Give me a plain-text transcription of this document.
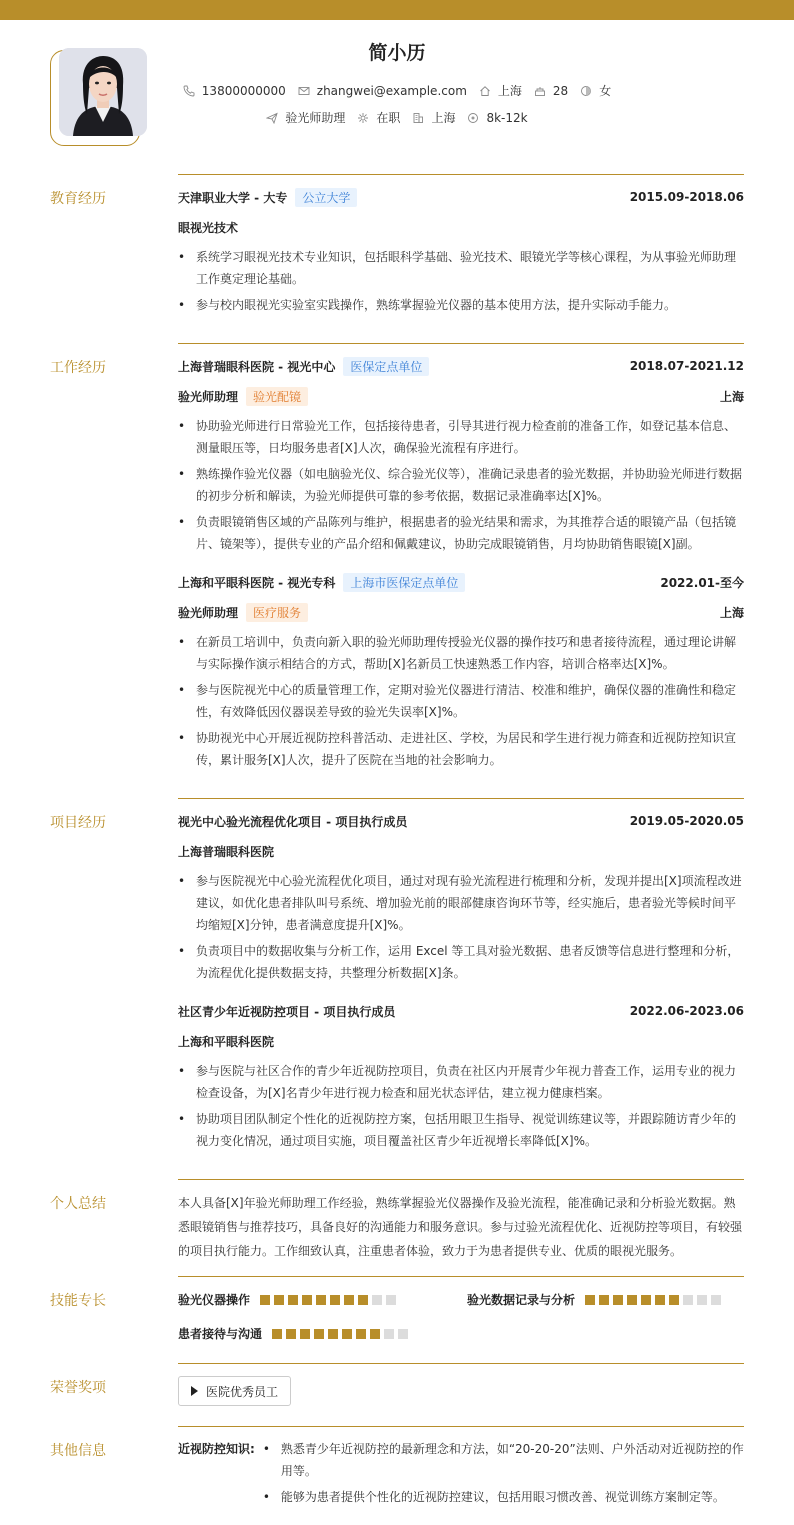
简小历
13800000000	zhangwei@example.com	上海	28	女
验光师助理	在职	上海	8k-12k
教育经历	天津职业大学 - 大专	公立大学	2015.09-2018.06
眼视光技术
• 系统学习眼视光技术专业知识，包括眼科学基础、验光技术、眼镜光学等核心课程，为从事验光师助理工作奠定理论基础。
• 参与校内眼视光实验室实践操作，熟练掌握验光仪器的基本使用方法，提升实际动手能力。
工作经历	上海普瑞眼科医院 - 视光中心	医保定点单位	2018.07-2021.12
验光师助理	验光配镜	上海
• 协助验光师进行日常验光工作，包括接待患者，引导其进行视力检查前的准备工作，如登记基本信息、测量眼压等，日均服务患者[X]人次，确保验光流程有序进行。
• 熟练操作验光仪器（如电脑验光仪、综合验光仪等），准确记录患者的验光数据，并协助验光师进行数据的初步分析和解读，为验光师提供可靠的参考依据，数据记录准确率达[X]%。
• 负责眼镜销售区域的产品陈列与维护，根据患者的验光结果和需求，为其推荐合适的眼镜产品（包括镜片、镜架等），提供专业的产品介绍和佩戴建议，协助完成眼镜销售，月均协助销售眼镜[X]副。
上海和平眼科医院 - 视光专科	上海市医保定点单位	2022.01-至今
验光师助理	医疗服务	上海
• 在新员工培训中，负责向新入职的验光师助理传授验光仪器的操作技巧和患者接待流程，通过理论讲解与实际操作演示相结合的方式，帮助[X]名新员工快速熟悉工作内容，培训合格率达[X]%。
• 参与医院视光中心的质量管理工作，定期对验光仪器进行清洁、校准和维护，确保仪器的准确性和稳定性，有效降低因仪器误差导致的验光失误率[X]%。
• 协助视光中心开展近视防控科普活动、走进社区、学校，为居民和学生进行视力筛查和近视防控知识宣传，累计服务[X]人次，提升了医院在当地的社会影响力。
项目经历	视光中心验光流程优化项目 - 项目执行成员	2019.05-2020.05
上海普瑞眼科医院
• 参与医院视光中心验光流程优化项目，通过对现有验光流程进行梳理和分析，发现并提出[X]项流程改进建议，如优化患者排队叫号系统、增加验光前的眼部健康咨询环节等，经实施后，患者验光等候时间平均缩短[X]分钟，患者满意度提升[X]%。
• 负责项目中的数据收集与分析工作，运用 Excel 等工具对验光数据、患者反馈等信息进行整理和分析，为流程优化提供数据支持，共整理分析数据[X]条。
社区青少年近视防控项目 - 项目执行成员	2022.06-2023.06
上海和平眼科医院
• 参与医院与社区合作的青少年近视防控项目，负责在社区内开展青少年视力普查工作，运用专业的视力检查设备，为[X]名青少年进行视力检查和屈光状态评估，建立视力健康档案。
• 协助项目团队制定个性化的近视防控方案，包括用眼卫生指导、视觉训练建议等，并跟踪随访青少年的视力变化情况，通过项目实施，项目覆盖社区青少年近视增长率降低[X]%。
个人总结	本人具备[X]年验光师助理工作经验，熟练掌握验光仪器操作及验光流程，能准确记录和分析验光数据。熟悉眼镜销售与推荐技巧，具备良好的沟通能力和服务意识。参与过验光流程优化、近视防控等项目，有较强的项目执行能力。工作细致认真，注重患者体验，致力于为患者提供专业、优质的眼视光服务。
技能专长	验光仪器操作	验光数据记录与分析
患者接待与沟通
荣誉奖项	医院优秀员工
其他信息	近视防控知识:
•	熟悉青少年近视防控的最新理念和方法，如“20-20-20”法则、户外活动对近视防控的作用等。
• 能够为患者提供个性化的近视防控建议，包括用眼习惯改善、视觉训练方案制定等。
